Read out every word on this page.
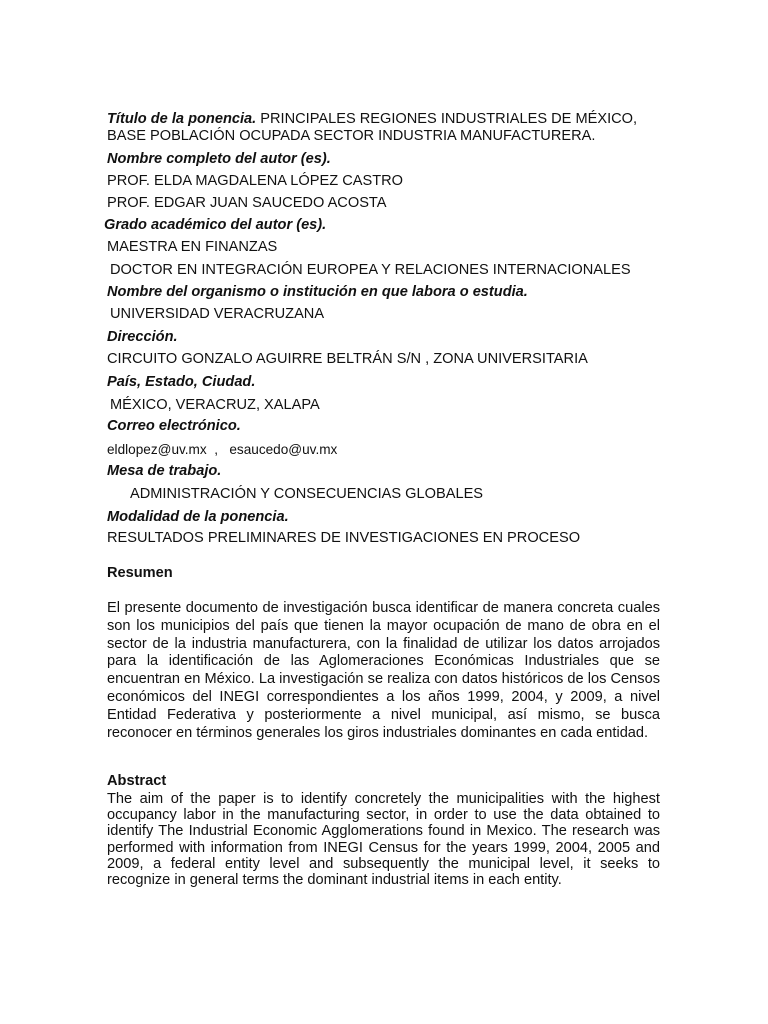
Título de la ponencia. PRINCIPALES REGIONES INDUSTRIALES DE MÉXICO,
BASE POBLACIÓN OCUPADA SECTOR INDUSTRIA MANUFACTURERA.
Nombre completo del autor (es).
PROF. ELDA MAGDALENA LÓPEZ CASTRO
PROF. EDGAR JUAN SAUCEDO ACOSTA
Grado académico del autor (es).
MAESTRA EN FINANZAS
DOCTOR EN INTEGRACIÓN EUROPEA Y RELACIONES INTERNACIONALES
Nombre del organismo o institución en que labora o estudia.
UNIVERSIDAD VERACRUZANA
Dirección.
CIRCUITO GONZALO AGUIRRE BELTRÁN S/N , ZONA UNIVERSITARIA
País, Estado, Ciudad.
MÉXICO, VERACRUZ, XALAPA
Correo electrónico.
eldlopez@uv.mx  ,   esaucedo@uv.mx
Mesa de trabajo.
ADMINISTRACIÓN Y CONSECUENCIAS GLOBALES
Modalidad de la ponencia.
RESULTADOS PRELIMINARES DE INVESTIGACIONES EN PROCESO
Resumen
El presente documento de investigación busca identificar de manera concreta cuales son los municipios del país que tienen la mayor ocupación de mano de obra en el sector de la industria manufacturera, con la finalidad de utilizar los datos arrojados para la identificación de las Aglomeraciones Económicas Industriales que se encuentran en México. La investigación se realiza con datos históricos de los Censos económicos del INEGI correspondientes a los años 1999, 2004, y 2009, a nivel Entidad Federativa y posteriormente a nivel municipal, así mismo, se busca reconocer en términos generales los giros industriales dominantes en cada entidad.
Abstract
The aim of the paper is to identify concretely the municipalities with the highest occupancy labor in the manufacturing sector, in order to use the data obtained to identify The Industrial Economic Agglomerations found in Mexico. The research was performed with information from INEGI Census for the years 1999, 2004, 2005 and 2009, a federal entity level and subsequently the municipal level, it seeks to recognize in general terms the dominant industrial items in each entity.
